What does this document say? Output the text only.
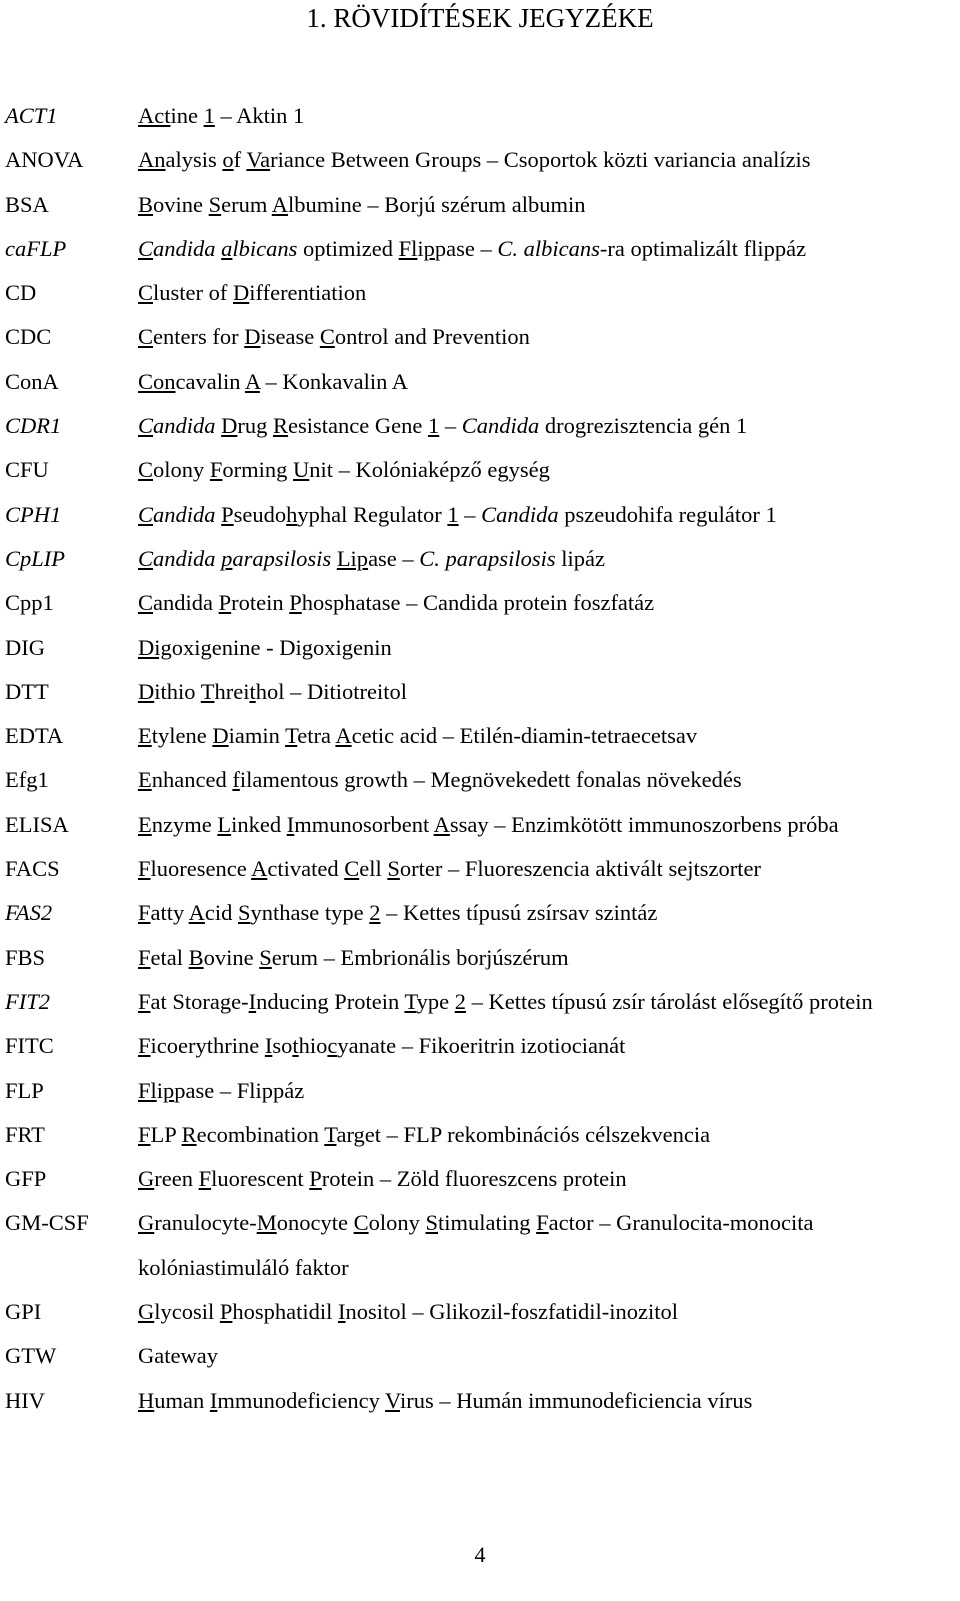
1. RÖVIDÍTÉSEK JEGYZÉKE
ACT1	Actine 1 – Aktin 1
ANOVA	Analysis of Variance Between Groups – Csoportok közti variancia analízis
BSA	Bovine Serum Albumine – Borjú szérum albumin
caFLP	Candida albicans optimized Flippase – C. albicans-ra optimalizált flippáz
CD	Cluster of Differentiation
CDC	Centers for Disease Control and Prevention
ConA	Concavalin A – Konkavalin A
CDR1	Candida Drug Resistance Gene 1 – Candida drogrezisztencia gén 1
CFU	Colony Forming Unit – Kolóniaképző egység
CPH1	Candida Pseudohyphal Regulator 1 – Candida pszeudohifa regulátor 1
CpLIP	Candida parapsilosis Lipase – C. parapsilosis lipáz
Cpp1	Candida Protein Phosphatase – Candida protein foszfatáz
DIG	Digoxigenine - Digoxigenin
DTT	Dithio Threithol – Ditiotreitol
EDTA	Etylene Diamin Tetra Acetic acid – Etilén-diamin-tetraecetsav
Efg1	Enhanced filamentous growth – Megnövekedett fonalas növekedés
ELISA	Enzyme Linked Immunosorbent Assay – Enzimkötött immunoszorbens próba
FACS	Fluoresence Activated Cell Sorter – Fluoreszencia aktivált sejtszorter
FAS2	Fatty Acid Synthase type 2 – Kettes típusú zsírsav szintáz
FBS	Fetal Bovine Serum – Embrionális borjúszérum
FIT2	Fat Storage-Inducing Protein Type 2 – Kettes típusú zsír tárolást elősegítő protein
FITC	Ficoerythrine Isothiocyanate – Fikoeritrin izotiocianát
FLP	Flippase – Flippáz
FRT	FLP Recombination Target – FLP rekombinációs célszekvencia
GFP	Green Fluorescent Protein – Zöld fluoreszcens protein
GM-CSF	Granulocyte-Monocyte Colony Stimulating Factor – Granulocita-monocita kolóniastimuláló faktor
GPI	Glycosil Phosphatidil Inositol – Glikozil-foszfatidil-inozitol
GTW	Gateway
HIV	Human Immunodeficiency Virus – Humán immunodeficiencia vírus
4
